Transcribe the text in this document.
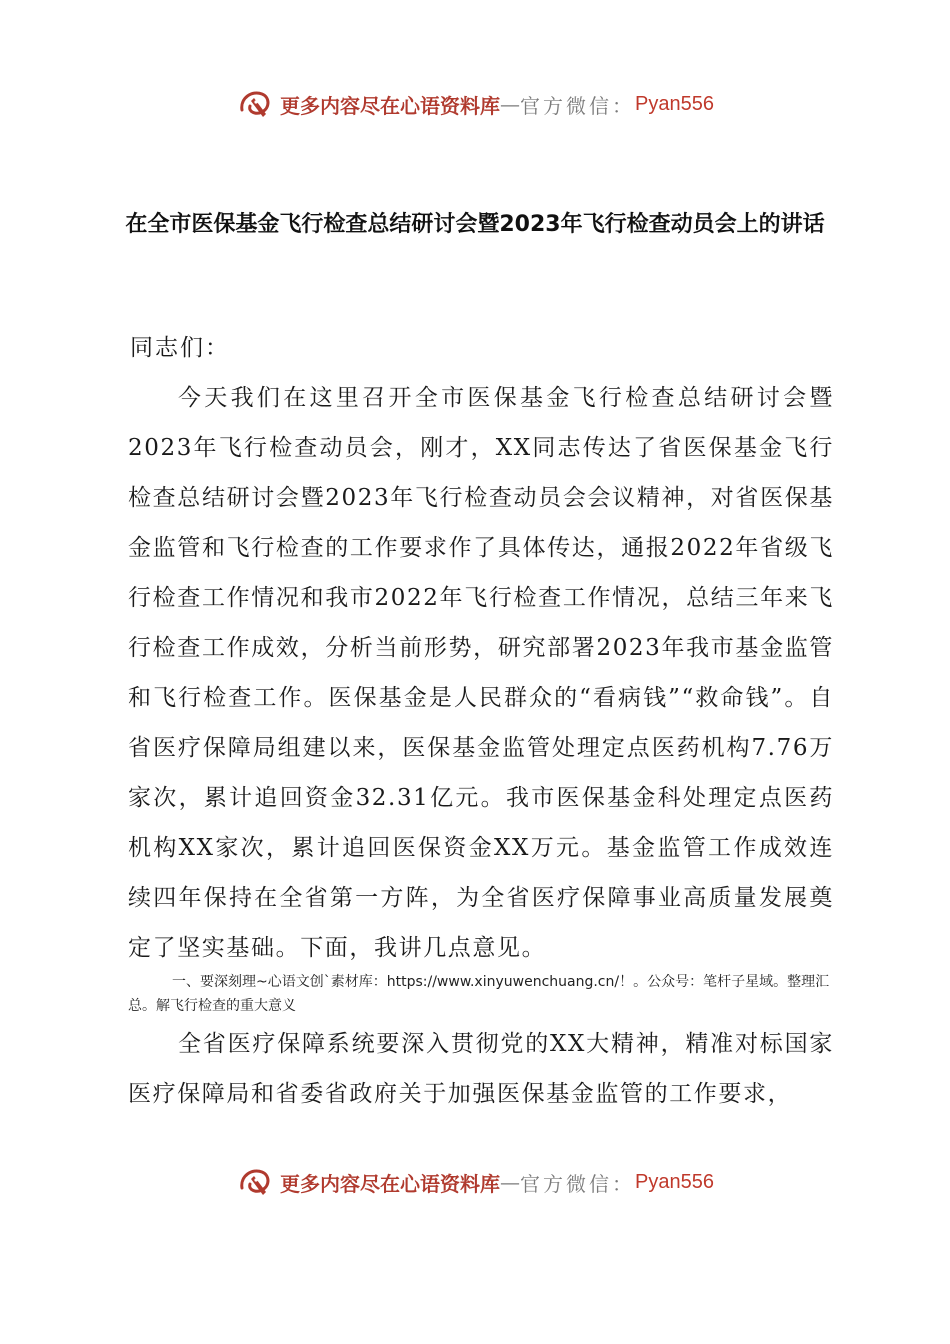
更多内容尽在心语资料库 — 官方微信： Pyan556
在全市医保基金飞行检查总结研讨会暨2023年飞行检查动员会上的讲话
同志们：
今天我们在这里召开全市医保基金飞行检查总结研讨会暨2023年飞行检查动员会，刚才，XX同志传达了省医保基金飞行检查总结研讨会暨2023年飞行检查动员会会议精神，对省医保基金监管和飞行检查的工作要求作了具体传达，通报2022年省级飞行检查工作情况和我市2022年飞行检查工作情况，总结三年来飞行检查工作成效，分析当前形势，研究部署2023年我市基金监管和飞行检查工作。医保基金是人民群众的“看病钱”“救命钱”。自省医疗保障局组建以来，医保基金监管处理定点医药机构7.76万家次，累计追回资金32.31亿元。我市医保基金科处理定点医药机构XX家次，累计追回医保资金XX万元。基金监管工作成效连续四年保持在全省第一方阵，为全省医疗保障事业高质量发展奠定了坚实基础。下面，我讲几点意见。
一、要深刻理~心语文创`素材库：https://www.xinyuwenchuang.cn/！。公众号：笔杆子星域。整理汇总。解飞行检查的重大意义
全省医疗保障系统要深入贯彻党的XX大精神，精准对标国家医疗保障局和省委省政府关于加强医保基金监管的工作要求，
更多内容尽在心语资料库 — 官方微信： Pyan556
